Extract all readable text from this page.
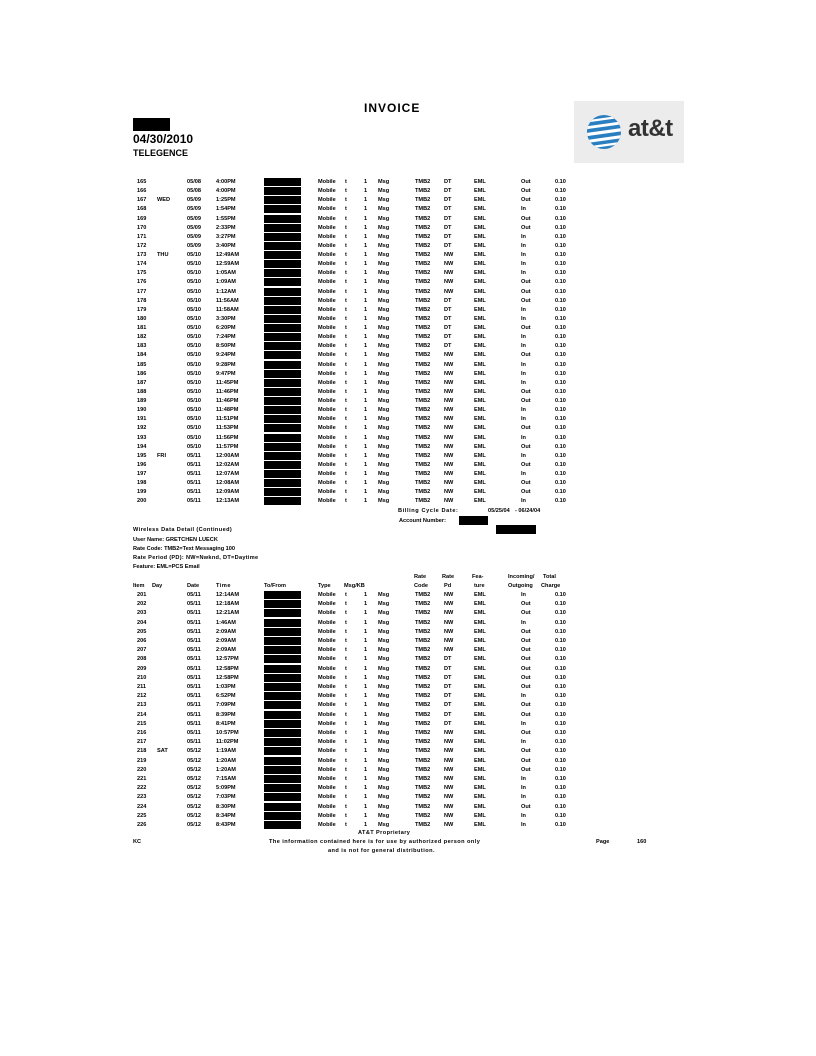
INVOICE
04/30/2010
TELEGENCE
at&t
165	05/08	4:00PM	Mobile t	1 Msg	TMB2 DT	EML	Out	0.10
166	05/08	4:00PM	Mobile t	1 Msg	TMB2 DT	EML	Out	0.10
167 WED	05/09	1:25PM	Mobile t	1 Msg	TMB2 DT	EML	Out	0.10
168	05/09	1:54PM	Mobile t	1 Msg	TMB2 DT	EML	In	0.10
169	05/09	1:55PM	Mobile t	1 Msg	TMB2 DT	EML	Out	0.10
170	05/09	2:33PM	Mobile t	1 Msg	TMB2 DT	EML	Out	0.10
171	05/09	3:27PM	Mobile t	1 Msg	TMB2 DT	EML	In	0.10
172	05/09	3:40PM	Mobile t	1 Msg	TMB2 DT	EML	In	0.10
173 THU	05/10	12:49AM	Mobile t	1 Msg	TMB2 NW	EML	In	0.10
174	05/10	12:59AM	Mobile t	1 Msg	TMB2 NW	EML	In	0.10
175	05/10	1:05AM	Mobile t	1 Msg	TMB2 NW	EML	In	0.10
176	05/10	1:09AM	Mobile t	1 Msg	TMB2 NW	EML	Out	0.10
177	05/10	1:12AM	Mobile t	1 Msg	TMB2 NW	EML	Out	0.10
178	05/10	11:56AM	Mobile t	1 Msg	TMB2 DT	EML	Out	0.10
179	05/10	11:58AM	Mobile t	1 Msg	TMB2 DT	EML	In	0.10
180	05/10	3:30PM	Mobile t	1 Msg	TMB2 DT	EML	In	0.10
181	05/10	6:20PM	Mobile t	1 Msg	TMB2 DT	EML	Out	0.10
182	05/10	7:24PM	Mobile t	1 Msg	TMB2 DT	EML	In	0.10
183	05/10	8:50PM	Mobile t	1 Msg	TMB2 DT	EML	In	0.10
184	05/10	9:24PM	Mobile t	1 Msg	TMB2 NW	EML	Out	0.10
185	05/10	9:28PM	Mobile t	1 Msg	TMB2 NW	EML	In	0.10
186	05/10	9:47PM	Mobile t	1 Msg	TMB2 NW	EML	In	0.10
187	05/10	11:45PM	Mobile t	1 Msg	TMB2 NW	EML	In	0.10
188	05/10	11:46PM	Mobile t	1 Msg	TMB2 NW	EML	Out	0.10
189	05/10	11:46PM	Mobile t	1 Msg	TMB2 NW	EML	Out	0.10
190	05/10	11:48PM	Mobile t	1 Msg	TMB2 NW	EML	In	0.10
191	05/10	11:51PM	Mobile t	1 Msg	TMB2 NW	EML	In	0.10
192	05/10	11:53PM	Mobile t	1 Msg	TMB2 NW	EML	Out	0.10
193	05/10	11:56PM	Mobile t	1 Msg	TMB2 NW	EML	In	0.10
194	05/10	11:57PM	Mobile t	1 Msg	TMB2 NW	EML	Out	0.10
195 FRI	05/11	12:00AM	Mobile t	1 Msg	TMB2 NW	EML	In	0.10
196	05/11	12:02AM	Mobile t	1 Msg	TMB2 NW	EML	Out	0.10
197	05/11	12:07AM	Mobile t	1 Msg	TMB2 NW	EML	In	0.10
198	05/11	12:08AM	Mobile t	1 Msg	TMB2 NW	EML	Out	0.10
199	05/11	12:09AM	Mobile t	1 Msg	TMB2 NW	EML	Out	0.10
200	05/11	12:13AM	Mobile t	1 Msg	TMB2 NW	EML	In	0.10
Billing Cycle Date:	05/25/04 - 06/24/04
Account Number:
Wireless Data Detail (Continued)
User Name: GRETCHEN LUECK
Rate Code: TMB2=Text Messaging 100
Rate Period (PD): NW=Nwknd, DT=Daytime
Feature: EML=PCS Email
Rate	Rate	Fea-	Incoming/ Total
Item Day	Date	Time	To/From	Type Msg/KB	Code	Pd	ture	Outgoing Charge
201	05/11	12:14AM	Mobile t	1 Msg	TMB2 NW	EML	In	0.10
202	05/11	12:18AM	Mobile t	1 Msg	TMB2 NW	EML	Out	0.10
203	05/11	12:21AM	Mobile t	1 Msg	TMB2 NW	EML	Out	0.10
204	05/11	1:46AM	Mobile t	1 Msg	TMB2 NW	EML	In	0.10
205	05/11	2:09AM	Mobile t	1 Msg	TMB2 NW	EML	Out	0.10
206	05/11	2:09AM	Mobile t	1 Msg	TMB2 NW	EML	Out	0.10
207	05/11	2:09AM	Mobile t	1 Msg	TMB2 NW	EML	Out	0.10
208	05/11	12:57PM	Mobile t	1 Msg	TMB2 DT	EML	Out	0.10
209	05/11	12:58PM	Mobile t	1 Msg	TMB2 DT	EML	Out	0.10
210	05/11	12:58PM	Mobile t	1 Msg	TMB2 DT	EML	Out	0.10
211	05/11	1:03PM	Mobile t	1 Msg	TMB2 DT	EML	Out	0.10
212	05/11	6:52PM	Mobile t	1 Msg	TMB2 DT	EML	In	0.10
213	05/11	7:09PM	Mobile t	1 Msg	TMB2 DT	EML	Out	0.10
214	05/11	8:39PM	Mobile t	1 Msg	TMB2 DT	EML	Out	0.10
215	05/11	8:41PM	Mobile t	1 Msg	TMB2 DT	EML	In	0.10
216	05/11	10:57PM	Mobile t	1 Msg	TMB2 NW	EML	Out	0.10
217	05/11	11:02PM	Mobile t	1 Msg	TMB2 NW	EML	In	0.10
218 SAT	05/12	1:19AM	Mobile t	1 Msg	TMB2 NW	EML	Out	0.10
219	05/12	1:20AM	Mobile t	1 Msg	TMB2 NW	EML	Out	0.10
220	05/12	1:20AM	Mobile t	1 Msg	TMB2 NW	EML	Out	0.10
221	05/12	7:15AM	Mobile t	1 Msg	TMB2 NW	EML	In	0.10
222	05/12	5:09PM	Mobile t	1 Msg	TMB2 NW	EML	In	0.10
223	05/12	7:03PM	Mobile t	1 Msg	TMB2 NW	EML	In	0.10
224	05/12	8:30PM	Mobile t	1 Msg	TMB2 NW	EML	Out	0.10
225	05/12	8:34PM	Mobile t	1 Msg	TMB2 NW	EML	In	0.10
226	05/12	8:43PM	Mobile t	1 Msg	TMB2 NW	EML	In	0.10
AT&T Proprietary
KC	The information contained here is for use by authorized person only
and is not for general distribution.
Page	160
